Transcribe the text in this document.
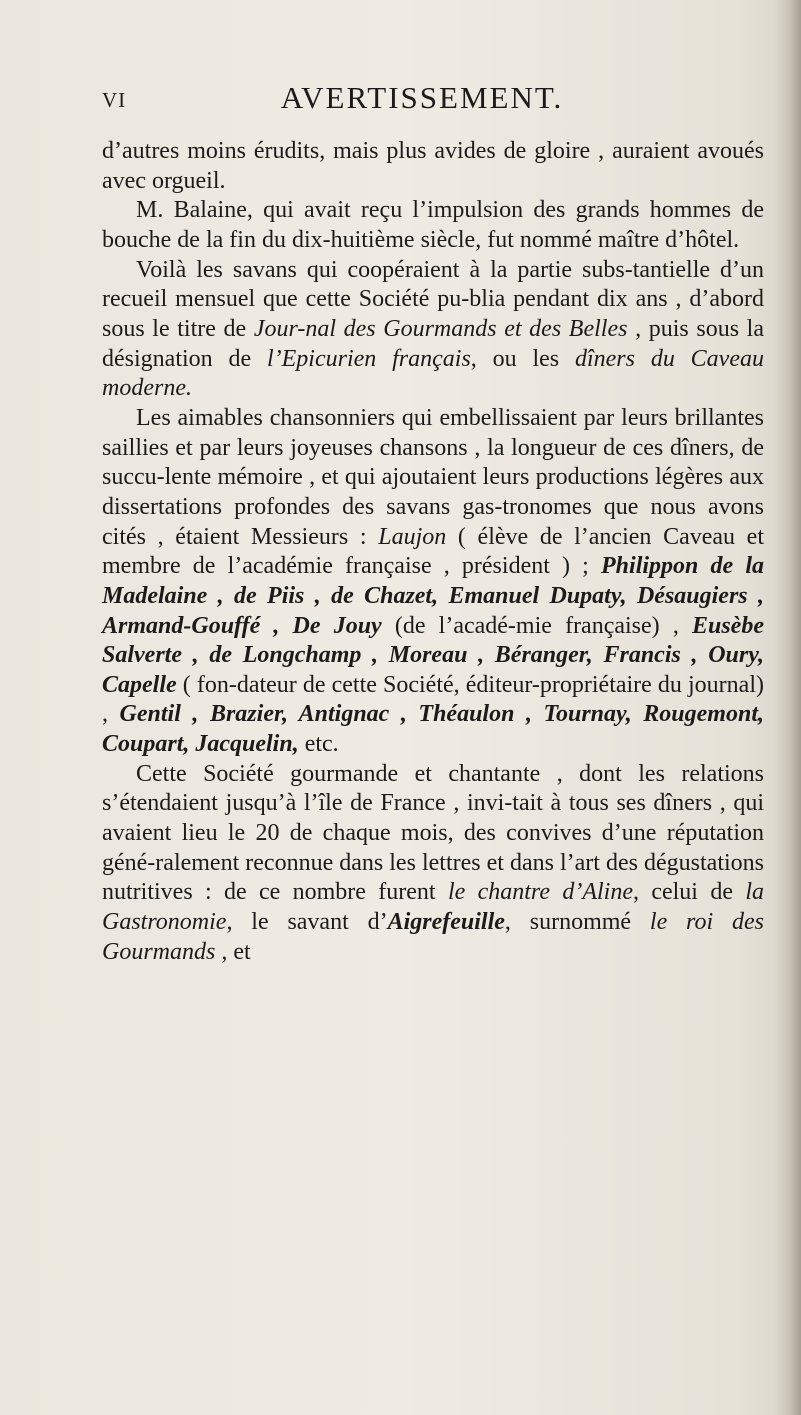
VI	AVERTISSEMENT.

d’autres moins érudits, mais plus avides de gloire , auraient avoués avec orgueil.

M. Balaine, qui avait reçu l’impulsion des grands hommes de bouche de la fin du dix-huitième siècle, fut nommé maître d’hôtel.

Voilà les savans qui coopéraient à la partie subs-tantielle d’un recueil mensuel que cette Société pu-blia pendant dix ans , d’abord sous le titre de Jour-nal des Gourmands et des Belles , puis sous la désignation de l’Epicurien français, ou les dîners du Caveau moderne.

Les aimables chansonniers qui embellissaient par leurs brillantes saillies et par leurs joyeuses chansons , la longueur de ces dîners, de succu-lente mémoire , et qui ajoutaient leurs productions légères aux dissertations profondes des savans gas-tronomes que nous avons cités , étaient Messieurs : Laujon ( élève de l’ancien Caveau et membre de l’académie française , président ) ; Philippon de la Madelaine , de Piis , de Chazet, Emanuel Dupaty, Désaugiers , Armand-Gouffé , De Jouy (de l’acadé-mie française) , Eusèbe Salverte , de Longchamp , Moreau , Béranger, Francis , Oury, Capelle ( fon-dateur de cette Société, éditeur-propriétaire du journal) , Gentil , Brazier, Antignac , Théaulon , Tournay, Rougemont, Coupart, Jacquelin, etc.

Cette Société gourmande et chantante , dont les relations s’étendaient jusqu’à l’île de France , invi-tait à tous ses dîners , qui avaient lieu le 20 de chaque mois, des convives d’une réputation géné-ralement reconnue dans les lettres et dans l’art des dégustations nutritives : de ce nombre furent le chantre d’Aline, celui de la Gastronomie, le savant d’Aigrefeuille, surnommé le roi des Gourmands , et
